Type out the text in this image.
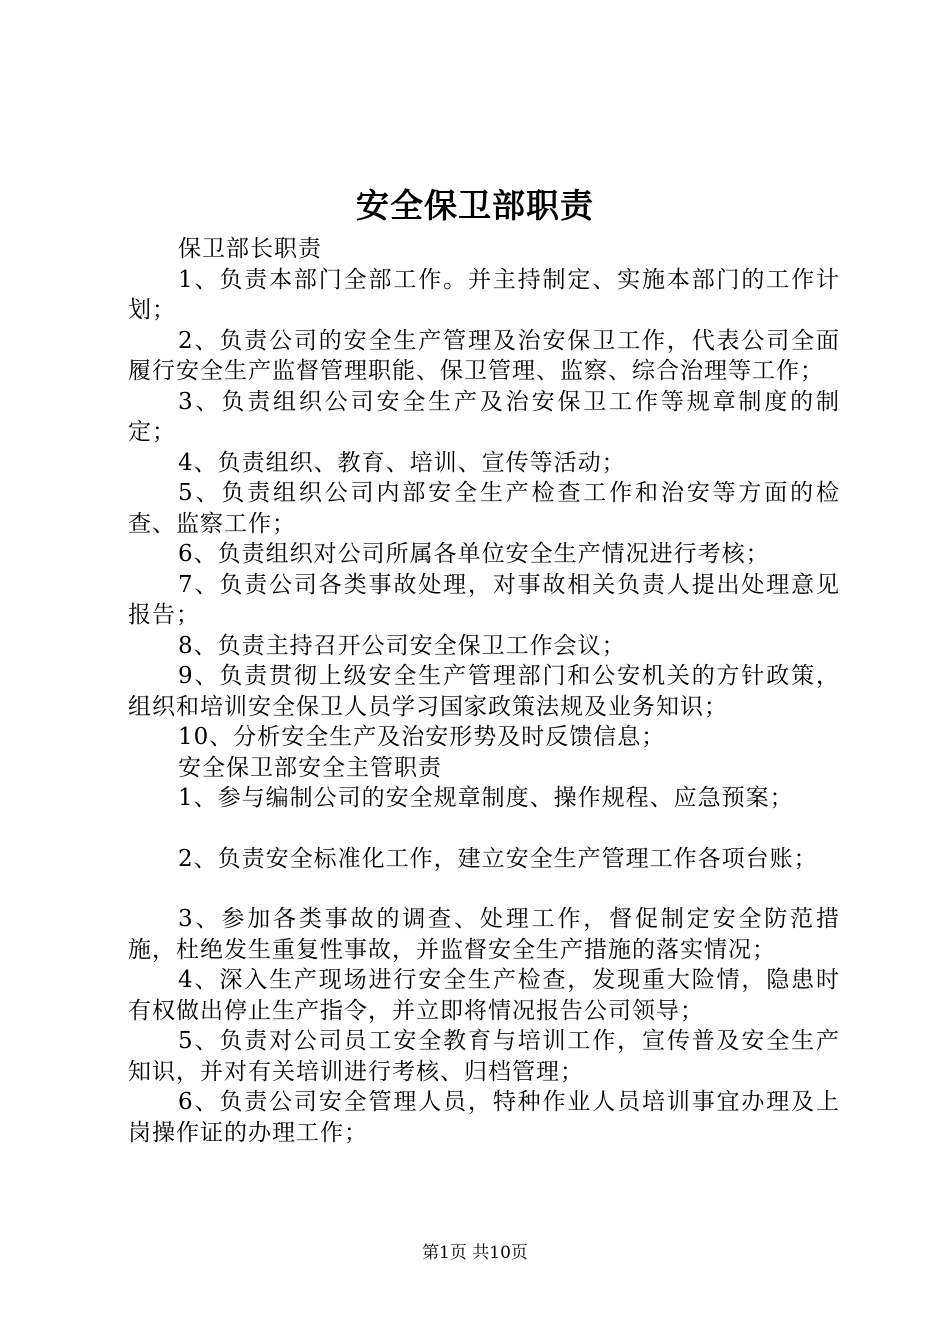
安全保卫部职责

保卫部长职责

1、负责本部门全部工作。并主持制定、实施本部门的工作计划；

2、负责公司的安全生产管理及治安保卫工作，代表公司全面履行安全生产监督管理职能、保卫管理、监察、综合治理等工作；

3、负责组织公司安全生产及治安保卫工作等规章制度的制定；

4、负责组织、教育、培训、宣传等活动；

5、负责组织公司内部安全生产检查工作和治安等方面的检查、监察工作；

6、负责组织对公司所属各单位安全生产情况进行考核；

7、负责公司各类事故处理，对事故相关负责人提出处理意见报告；

8、负责主持召开公司安全保卫工作会议；

9、负责贯彻上级安全生产管理部门和公安机关的方针政策，组织和培训安全保卫人员学习国家政策法规及业务知识；

10、分析安全生产及治安形势及时反馈信息；

安全保卫部安全主管职责

1、参与编制公司的安全规章制度、操作规程、应急预案；

2、负责安全标准化工作，建立安全生产管理工作各项台账；

3、参加各类事故的调查、处理工作，督促制定安全防范措施，杜绝发生重复性事故，并监督安全生产措施的落实情况；

4、深入生产现场进行安全生产检查，发现重大险情，隐患时有权做出停止生产指令，并立即将情况报告公司领导；

5、负责对公司员工安全教育与培训工作，宣传普及安全生产知识，并对有关培训进行考核、归档管理；

6、负责公司安全管理人员，特种作业人员培训事宜办理及上岗操作证的办理工作；

第1页 共10页
